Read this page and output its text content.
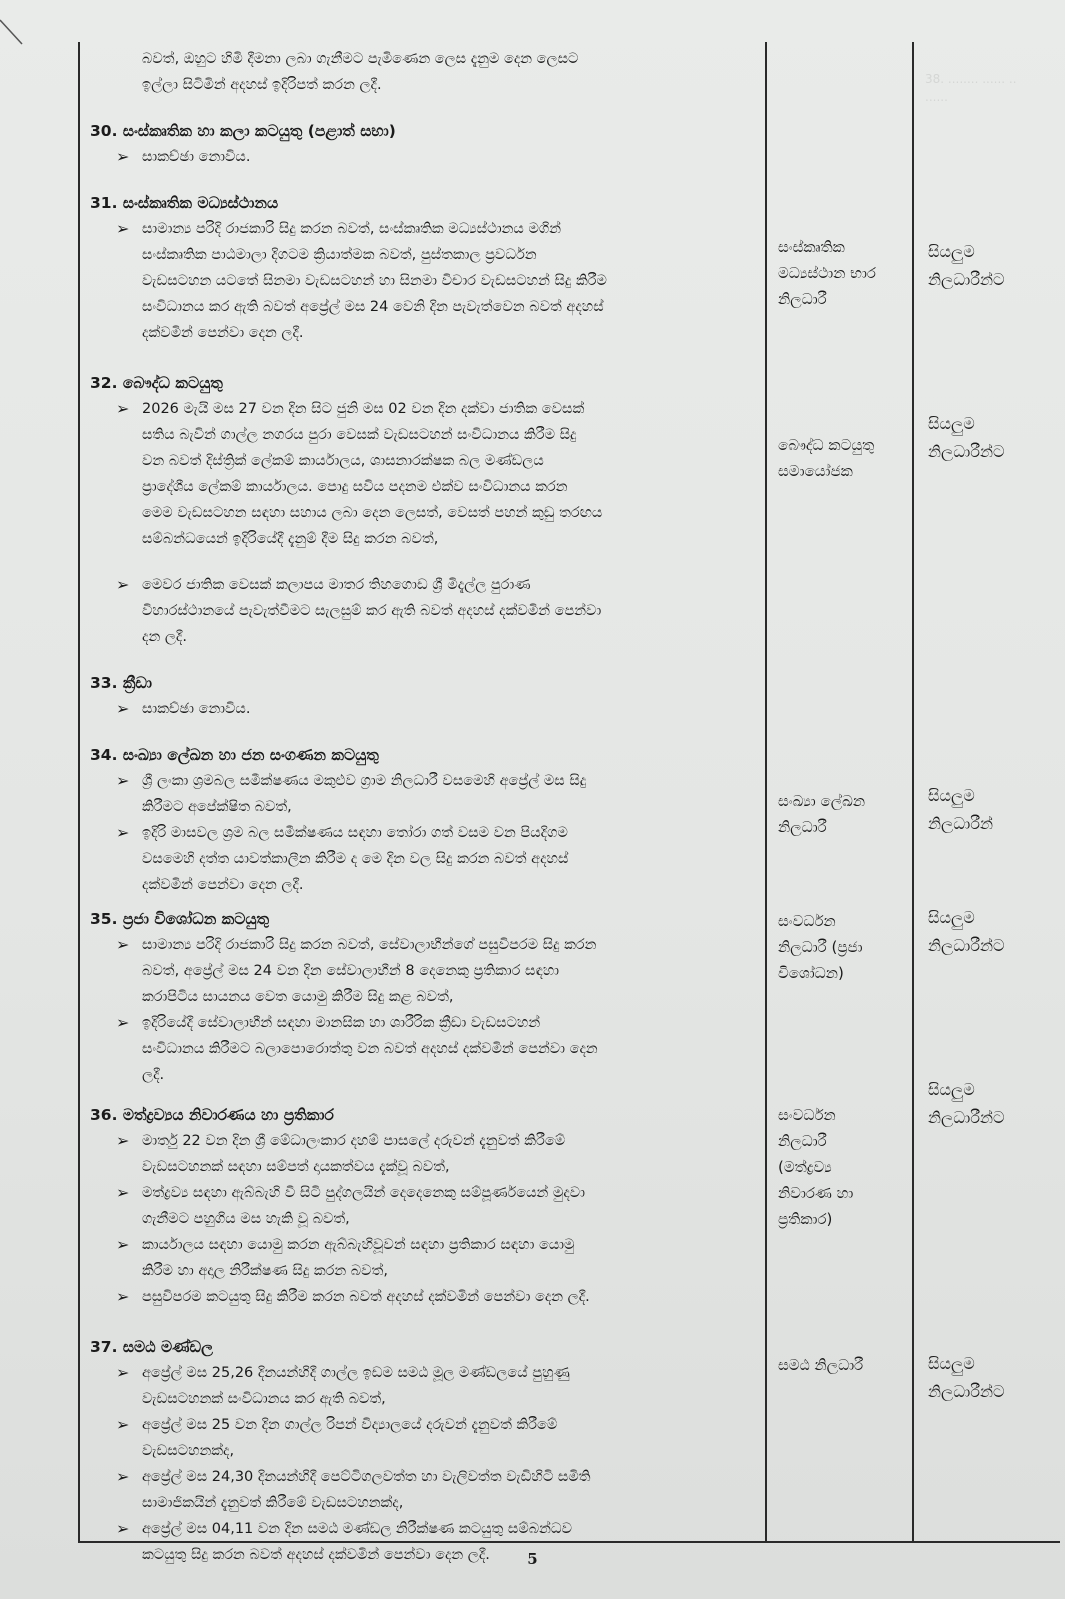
38. ........ ...... ..
......
බවත්, ඔහුට හිමි දීමනා ලබා ගැනීමට පැමිණෙන ලෙස දැනුම දෙන ලෙසට
ඉල්ලා සිටිමින් අදහස් ඉදිරිපත් කරන ලදී.
30. සංස්කෘතික හා කලා කටයුතු (පළාත් සභා)
➢ සාකච්ඡා නොවිය.
31. සංස්කෘතික මධ්‍යස්ථානය
➢ සාමාන්‍ය පරිදි රාජකාරි සිදු කරන බවත්, සංස්කෘතික මධ්‍යස්ථානය මගින්
සංස්කෘතික පාඨමාලා දිගටම ක්‍රියාත්මක බවත්, පුස්තකාල ප්‍රවර්ධන
වැඩසටහන යටතේ සිනමා වැඩසටහන් හා සිනමා විචාර වැඩසටහන් සිදු කිරීම
සංවිධානය කර ඇති බවත් අප්‍රේල් මස 24 වෙනි දින පැවැත්වෙන බවත් අදහස්
දක්වමින් පෙන්වා දෙන ලදී.
32. බෞද්ධ කටයුතු
➢ 2026 මැයි මස 27 වන දින සිට ජුනි මස 02 වන දින දක්වා ජාතික වෙසක්
සතිය බැවින් ගාල්ල නගරය පුරා වෙසක් වැඩසටහන් සංවිධානය කිරීම සිදු
වන බවත් දිස්ත්‍රික් ලේකම් කාර්යාලය, ශාසනාරක්ෂක බල මණ්ඩලය
ප්‍රාදේශීය ලේකම් කාර්යාලය. පොදු සවිය පදනම එක්ව සංවිධානය කරන
මෙම වැඩසටහන සඳහා සහාය ලබා දෙන ලෙසත්, වෙසත් පහන් කුඩු තරඟය
සම්බන්ධයෙන් ඉදිරියේදී දැනුම් දීම සිදු කරන බවත්,
➢ මෙවර ජාතික වෙසක් කලාපය මාතර තිහගොඩ ශ්‍රී මිදැල්ල පුරාණ
විහාරස්ථානයේ පැවැත්වීමට සැලසුම් කර ඇති බවත් අදහස් දක්වමින් පෙන්වා
දන ලදී.
33. ක්‍රීඩා
➢ සාකච්ඡා නොවිය.
34. සංඛ්‍යා ලේඛන හා ජන සංගණන කටයුතු
➢ ශ්‍රී ලංකා ශ්‍රමබල සමීක්ෂණය මකුළුව ග්‍රාම නිලධාරී වසමෙහි අප්‍රේල් මස සිදු
කිරීමට අපේක්ෂිත බවත්,
➢ ඉදිරි මාසවල ශ්‍රම බල සමීක්ෂණය සඳහා තෝරා ගත් වසම වන පියදිගම
වසමෙහි දත්ත යාවත්කාලීන කිරීම ද මෙ දින වල සිදු කරන බවත් අදහස්
දක්වමින් පෙන්වා දෙන ලදී.
35. ප්‍රජා විශෝධන කටයුතු
➢ සාමාන්‍ය පරිදි රාජකාරි සිදු කරන බවත්, සේවාලාභීන්ගේ පසුවිපරම සිදු කරන
බවත්, අප්‍රේල් මස 24 වන දින සේවාලාභීන් 8 දෙනෙකු ප්‍රතිකාර සඳහා
කරාපිටිය සායනය වෙත යොමු කිරීම සිදු කළ බවත්,
➢ ඉදිරියේදී සේවාලාභීන් සඳහා මානසික හා ශාරීරික ක්‍රීඩා වැඩසටහන්
සංවිධානය කිරීමට බලාපොරොත්තු වන බවත් අදහස් දක්වමින් පෙන්වා දෙන
ලදී.
36. මත්ද්‍රව්‍යය නිවාරණය හා ප්‍රතිකාර
➢ මාර්තු 22 වන දින ශ්‍රී මේධාලංකාර දහම් පාසලේ දරුවන් දැනුවත් කිරීමේ
වැඩසටහනක් සඳහා සම්පත් දායකත්වය දැක්වූ බවත්,
➢ මත්ද්‍රව්‍ය සඳහා ඇබ්බැහි වී සිටි පුද්ගලයින් දෙදෙනෙකු සම්පූර්ණයෙන් මුදවා
ගැනීමට පහුගිය මස හැකි වූ බවත්,
➢ කාර්යාලය සඳහා යොමු කරන ඇබ්බැහිවූවන් සඳහා ප්‍රතිකාර සඳහා යොමු
කිරීම හා අදාල නිරීක්ෂණ සිදු කරන බවත්,
➢ පසුවිපරම කටයුතු සිදු කිරීම කරන බවත් අදහස් දක්වමින් පෙන්වා දෙන ලදී.
37. සමඨ මණ්ඩල
➢ අප්‍රේල් මස 25,26 දිනයන්හිදී ගාල්ල ඉඩම සමඨ මූල මණ්ඩලයේ පුහුණු
වැඩසටහනක් සංවිධානය කර ඇති බවත්,
➢ අප්‍රේල් මස 25 වන දින ගාල්ල රිපන් විද්‍යාලයේ දරුවන් දැනුවත් කිරීමේ
වැඩසටහනක්ද,
➢ අප්‍රේල් මස 24,30 දිනයන්හිදී පෙට්ටිගලවත්ත හා වැලිවත්ත වැඩිහිටි සමිති
සාමාජිකයින් දැනුවත් කිරීමේ වැඩසටහනක්ද,
➢ අප්‍රේල් මස 04,11 වන දින සමඨ මණ්ඩල නිරීක්ෂණ කටයුතු සම්බන්ධව
කටයුතු සිදු කරන බවත් අදහස් දක්වමින් පෙන්වා දෙන ලදී.
සංස්කෘතික
මධ්‍යස්ථාන භාර
නිලධාරී
බෞද්ධ කටයුතු
සමායෝජක
සංඛ්‍යා ලේඛන
නිලධාරී
සංවර්ධන
නිලධාරී (ප්‍රජා
විශෝධන)
සංවර්ධන
නිලධාරී
(මත්ද්‍රව්‍ය
නිවාරණ හා
ප්‍රතිකාර)
සමඨ නිලධාරී
සියලුම
නිලධාරීන්ට
සියලුම
නිලධාරීන්ට
සියලුම
නිලධාරීන්
සියලුම
නිලධාරීන්ට
සියලුම
නිලධාරීන්ට
සියලුම
නිලධාරීන්ට
5
